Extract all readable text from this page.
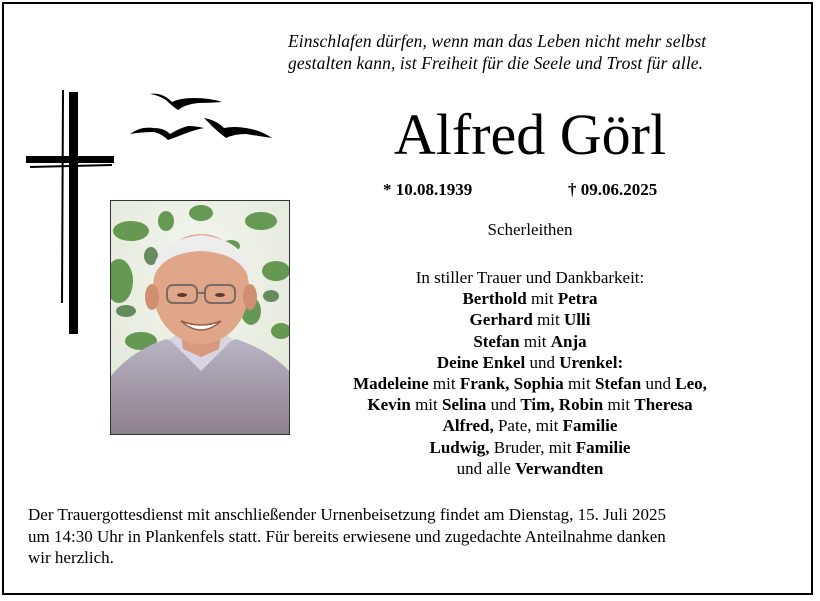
Einschlafen dürfen, wenn man das Leben nicht mehr selbst
gestalten kann, ist Freiheit für die Seele und Trost für alle.
Alfred Görl
* 10.08.1939	† 09.06.2025
Scherleithen
In stiller Trauer und Dankbarkeit:
Berthold mit Petra
Gerhard mit Ulli
Stefan mit Anja
Deine Enkel und Urenkel:
Madeleine mit Frank, Sophia mit Stefan und Leo,
Kevin mit Selina und Tim, Robin mit Theresa
Alfred, Pate, mit Familie
Ludwig, Bruder, mit Familie
und alle Verwandten
Der Trauergottesdienst mit anschließender Urnenbeisetzung findet am Dienstag, 15. Juli 2025
um 14:30 Uhr in Plankenfels statt. Für bereits erwiesene und zugedachte Anteilnahme danken
wir herzlich.
